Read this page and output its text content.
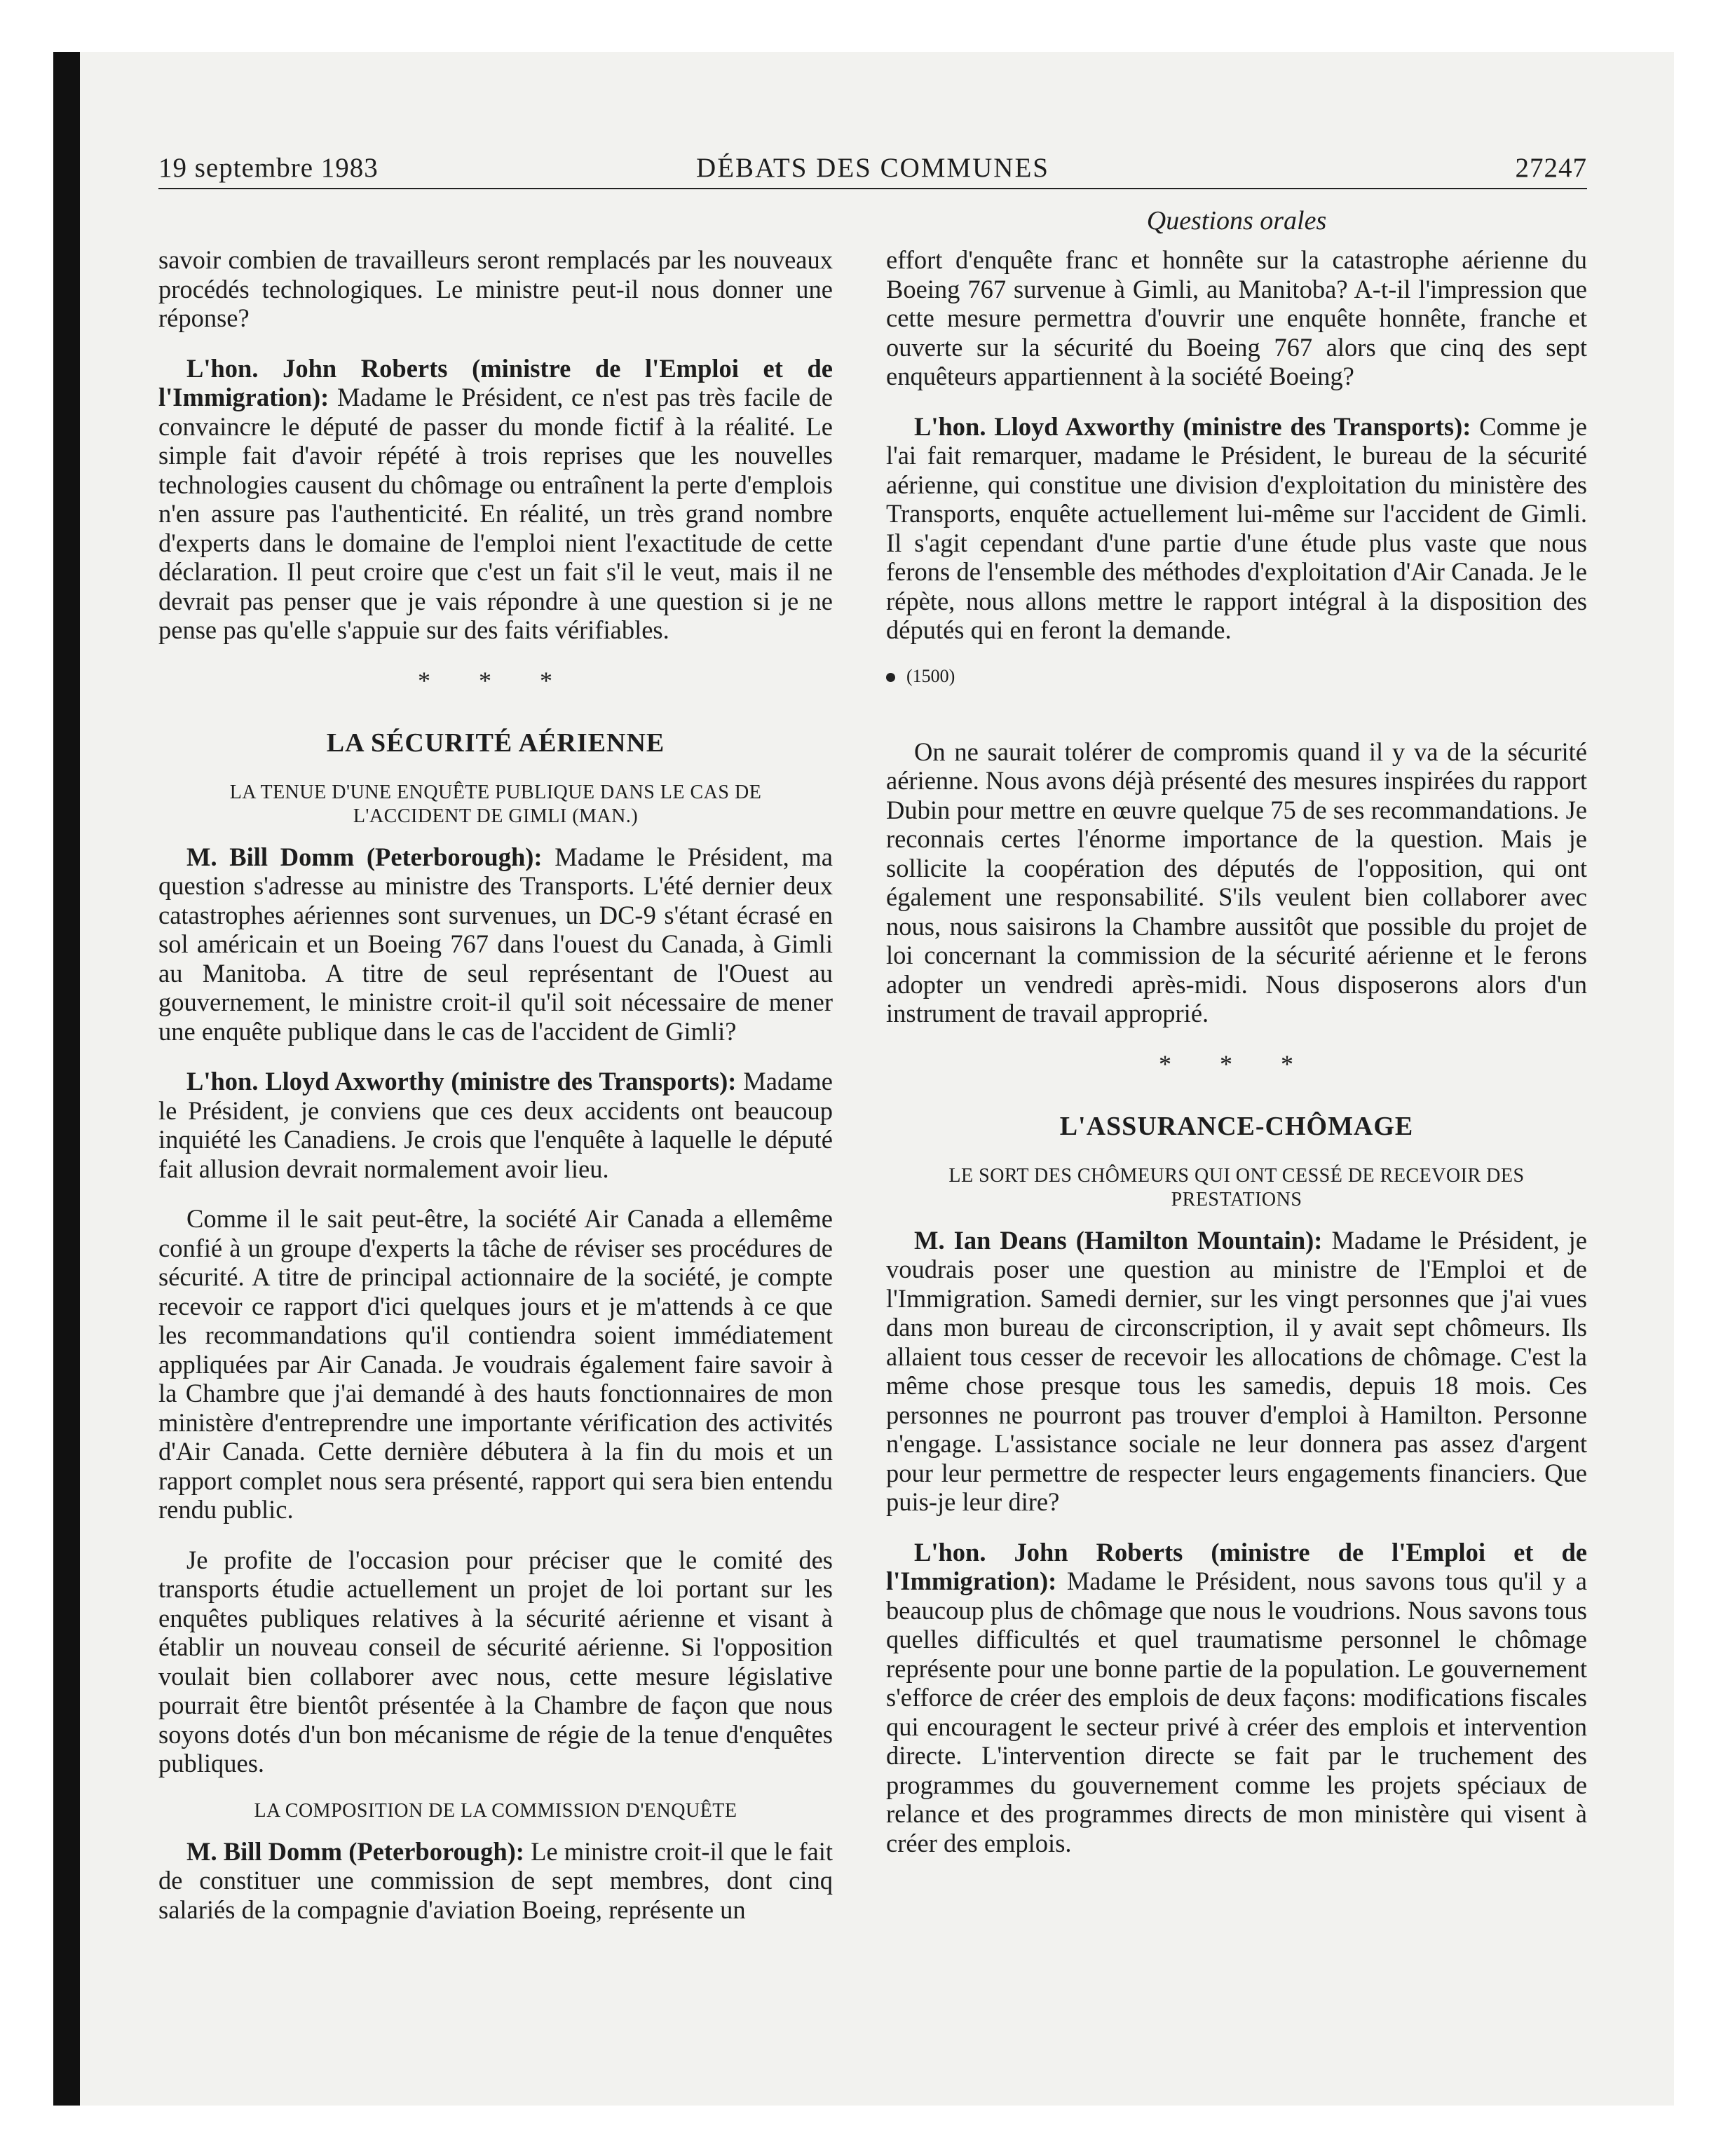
19 septembre 1983	DÉBATS DES COMMUNES	27247
Questions orales

savoir combien de travailleurs seront remplacés par les nouveaux procédés technologiques. Le ministre peut-il nous donner une réponse?

L'hon. John Roberts (ministre de l'Emploi et de l'Immigration): Madame le Président, ce n'est pas très facile de convaincre le député de passer du monde fictif à la réalité. Le simple fait d'avoir répété à trois reprises que les nouvelles technologies causent du chômage ou entraînent la perte d'emplois n'en assure pas l'authenticité. En réalité, un très grand nombre d'experts dans le domaine de l'emploi nient l'exactitude de cette déclaration. Il peut croire que c'est un fait s'il le veut, mais il ne devrait pas penser que je vais répondre à une question si je ne pense pas qu'elle s'appuie sur des faits vérifiables.

* * *
LA SÉCURITÉ AÉRIENNE
LA TENUE D'UNE ENQUÊTE PUBLIQUE DANS LE CAS DE L'ACCIDENT DE GIMLI (MAN.)

M. Bill Domm (Peterborough): Madame le Président, ma question s'adresse au ministre des Transports. L'été dernier deux catastrophes aériennes sont survenues, un DC-9 s'étant écrasé en sol américain et un Boeing 767 dans l'ouest du Canada, à Gimli au Manitoba. A titre de seul représentant de l'Ouest au gouvernement, le ministre croit-il qu'il soit nécessaire de mener une enquête publique dans le cas de l'accident de Gimli?

L'hon. Lloyd Axworthy (ministre des Transports): Madame le Président, je conviens que ces deux accidents ont beaucoup inquiété les Canadiens. Je crois que l'enquête à laquelle le député fait allusion devrait normalement avoir lieu.

Comme il le sait peut-être, la société Air Canada a ellemême confié à un groupe d'experts la tâche de réviser ses procédures de sécurité. A titre de principal actionnaire de la société, je compte recevoir ce rapport d'ici quelques jours et je m'attends à ce que les recommandations qu'il contiendra soient immédiatement appliquées par Air Canada. Je voudrais également faire savoir à la Chambre que j'ai demandé à des hauts fonctionnaires de mon ministère d'entreprendre une importante vérification des activités d'Air Canada. Cette dernière débutera à la fin du mois et un rapport complet nous sera présenté, rapport qui sera bien entendu rendu public.

Je profite de l'occasion pour préciser que le comité des transports étudie actuellement un projet de loi portant sur les enquêtes publiques relatives à la sécurité aérienne et visant à établir un nouveau conseil de sécurité aérienne. Si l'opposition voulait bien collaborer avec nous, cette mesure législative pourrait être bientôt présentée à la Chambre de façon que nous soyons dotés d'un bon mécanisme de régie de la tenue d'enquêtes publiques.

LA COMPOSITION DE LA COMMISSION D'ENQUÊTE

M. Bill Domm (Peterborough): Le ministre croit-il que le fait de constituer une commission de sept membres, dont cinq salariés de la compagnie d'aviation Boeing, représente un

effort d'enquête franc et honnête sur la catastrophe aérienne du Boeing 767 survenue à Gimli, au Manitoba? A-t-il l'impression que cette mesure permettra d'ouvrir une enquête honnête, franche et ouverte sur la sécurité du Boeing 767 alors que cinq des sept enquêteurs appartiennent à la société Boeing?

L'hon. Lloyd Axworthy (ministre des Transports): Comme je l'ai fait remarquer, madame le Président, le bureau de la sécurité aérienne, qui constitue une division d'exploitation du ministère des Transports, enquête actuellement lui-même sur l'accident de Gimli. Il s'agit cependant d'une partie d'une étude plus vaste que nous ferons de l'ensemble des méthodes d'exploitation d'Air Canada. Je le répète, nous allons mettre le rapport intégral à la disposition des députés qui en feront la demande.

(1500)

On ne saurait tolérer de compromis quand il y va de la sécurité aérienne. Nous avons déjà présenté des mesures inspirées du rapport Dubin pour mettre en œuvre quelque 75 de ses recommandations. Je reconnais certes l'énorme importance de la question. Mais je sollicite la coopération des députés de l'opposition, qui ont également une responsabilité. S'ils veulent bien collaborer avec nous, nous saisirons la Chambre aussitôt que possible du projet de loi concernant la commission de la sécurité aérienne et le ferons adopter un vendredi après-midi. Nous disposerons alors d'un instrument de travail approprié.

* * *
L'ASSURANCE-CHÔMAGE
LE SORT DES CHÔMEURS QUI ONT CESSÉ DE RECEVOIR DES PRESTATIONS

M. Ian Deans (Hamilton Mountain): Madame le Président, je voudrais poser une question au ministre de l'Emploi et de l'Immigration. Samedi dernier, sur les vingt personnes que j'ai vues dans mon bureau de circonscription, il y avait sept chômeurs. Ils allaient tous cesser de recevoir les allocations de chômage. C'est la même chose presque tous les samedis, depuis 18 mois. Ces personnes ne pourront pas trouver d'emploi à Hamilton. Personne n'engage. L'assistance sociale ne leur donnera pas assez d'argent pour leur permettre de respecter leurs engagements financiers. Que puis-je leur dire?

L'hon. John Roberts (ministre de l'Emploi et de l'Immigration): Madame le Président, nous savons tous qu'il y a beaucoup plus de chômage que nous le voudrions. Nous savons tous quelles difficultés et quel traumatisme personnel le chômage représente pour une bonne partie de la population. Le gouvernement s'efforce de créer des emplois de deux façons: modifications fiscales qui encouragent le secteur privé à créer des emplois et intervention directe. L'intervention directe se fait par le truchement des programmes du gouvernement comme les projets spéciaux de relance et des programmes directs de mon ministère qui visent à créer des emplois.
